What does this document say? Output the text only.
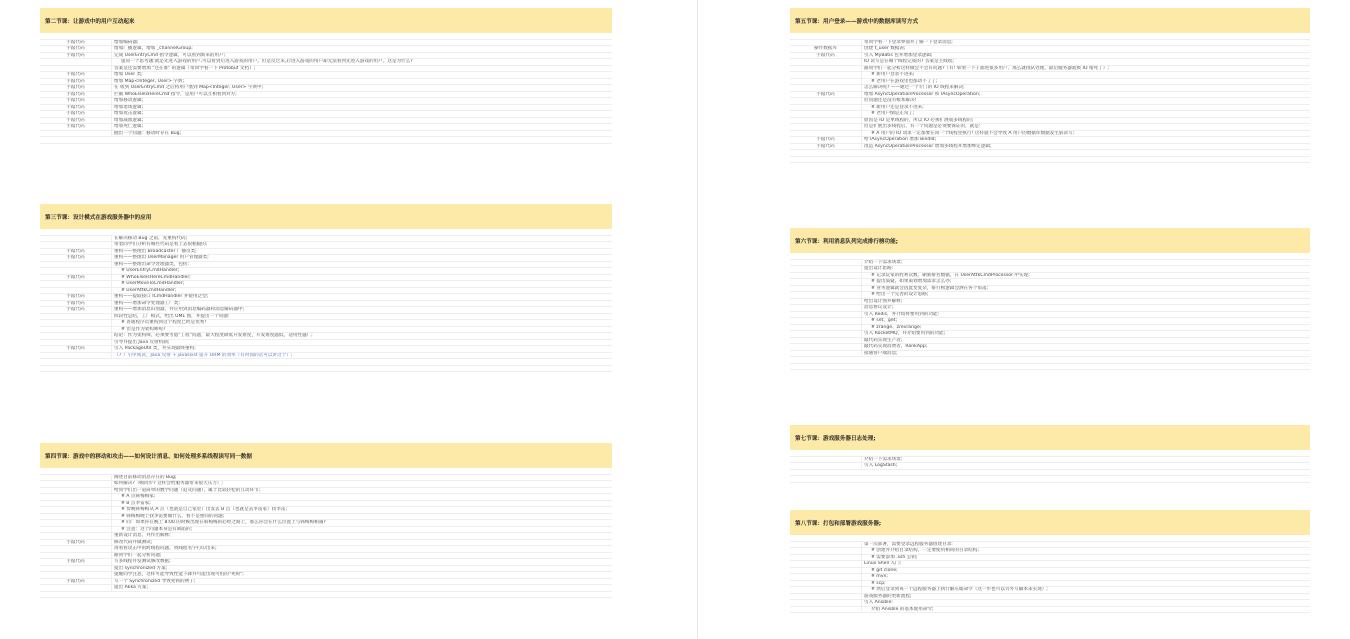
第二节课：让游戏中的用户互动起来
手敲代码	增加编码器;
手敲代码	增加广播逻辑，增加 _channelGroup;
手敲代码	完成 UserEntryCmd 指令逻辑，可以看到新来的用户;
提问一个思考题:就是先进入游戏的用户,可以看到后进入游戏的用户。但是反过来,后进入游戏的用户却无法看到先进入游戏的用户。这是为什么?
答案是还需要增加 "还在谁" 的逻辑（带同学看一下 Protobuf 文档）;
手敲代码	增加 User 类;
手敲代码	增加 Map<Integer, User> 字典;
手敲代码	在 收到 UserEntryCmd 之后将用户塞到 Map<Integer, User> 字典中;
手敲代码	拦截 WhoElselsHereCmd 指令，是用户可以互相看到对方;
手敲代码	增加移动逻辑;
手敲代码	增加退场逻辑;
手敲代码	增加攻击逻辑;
手敲代码	增加减血逻辑;
手敲代码	增加死亡逻辑;
抛出一个问题：移动时存在 Bug;
第三节课：设计模式在游戏服务器中的应用
在解决移动 Bug 之前，先重构代码;
带着同学们分析有哪些代码是看上去很粗糙的;
手敲代码	重构——整理出 Broadcaster 广播员类;
手敲代码	重构——整理出 UserManager 用户管理器类;
重构——整理出命令处理器类，包括:
# UserEntryCmdHandler;
手敲代码	# WhoElselsHereCmdHandler;
# UserMoveToCmdHandler;
# UserAttkCmdHandler;
手敲代码	重构——提取接口 ICmdHandler 并使用泛型;
手敲代码	重构——增加命令处理器工厂类;
手敲代码	重构——增加消息识别器，并应用到消息编码器和消息解码器中;
阶段性总结，工厂模式，给出 UML 图，并提出一个问题:
# 普通程序员重构到这个程度已经是优秀!
# 但是作为架构师呢?
结论：作为架构师，必须要考虑"工程"问题，最大程度降低开发难度，开发难度越低，适用性越广;
引导并提出 Java 反射机制;
手敲代码	引入 PackageUtil 类，并实现最终重构;
（7 ）引申阅读，Java 反射 + javassist 提升 ORM 的效率（有时间的话可以讲这个）;
第四节课：游戏中的移动和攻击——如何设计消息、如何处理多系线程读写同一数据
阐述目前移动消息存在的 Bug;
如何解决?（帧同步? 这样会给服务器带来很大压力）;
给同学们出一道简单的数学问题（追及问题），属于比较轻松的互动环节;
# A 点韩梅梅家;
# B 点李雷家;
# 傍晚韩梅梅从 A 点（也就是自己家里）出发去 B 点（也就是去李雷家）找李雷;
# 韩梅梅晚上找李雷要做什么，看不是重问的问题;
# 问：如果你在晚上 8:00 的时候出现在韩梅梅的必经之路上，那么你会在什么位置上与韩梅梅相遇?
# 注意：这个问题本身是有缺陷的;
重新设计消息，并作出解释;
手敲代码	修改代码并做测试;
再看看攻击中的跨线程问题，将线程名字打印出来;
跟同学们一起分析问题;
手敲代码	写多线程并发测试修改数据;
提出 synchronized 方案;
提醒同学注意，这样可能导致性能下降并可能出现可怕的"死锁";
手敲代码	写一个 Synchronized 导致死锁的例子;
提出 Akka 方案;
第五节课：用户登录——游戏中的数据库读写方式
带同学看一下登录界面并了解一下登录消息;
操作数据库	创建 t_user 数据表;
手敲代码	引入 MyBatis 包并增加登录逻辑;
IO 读写是在哪个线程完成的? 答案是主线程;
跟同学们一起分析这样做会不会有问题?（有! 如果一下子涌进很多用户，那么就排队处理，最后服务器就被 IO 堵死了）;
# 新用户登录不进来;
# 老用户在游戏里也都动不了了;
怎么解决呢? ——通过一个专门的 IO 线程来解决;
手敲代码	增加 AsyncOperationProcessor 和 IAsyncOperation;
但问题还是没有根本解决!
# 新用户还是登录不进来;
# 老用户倒是正常了;
原因是 IO 是单线程的，所以 IO 必须扩展成多线程的;
但是扩展出多线程后，有一个问题是必须要保证的，就是:
# A 用户的 IO 请求一定都要在同一个线程里执行! 这样就不会导致 A 用户的数据库数据发生脏读写;
手敲代码	给 IAsyncOperation 增加 BindId;
手敲代码	改造 AsyncOperationProcessor 增加多线程并增加绑定逻辑;
第六节课：利用消息队列完成排行榜功能;
介绍一下需求场景;
提出设计思路:
# 记录玩家的胜利次数，刷新排名数据，在 UserAttkCmdProcessor 中实现;
# 提出质疑，如果策划增加需求怎么办;
# 业务逻辑就会因此变复杂，排行榜逻辑会洒在各个角落;
# 给出一个完善的设计思路;
给出设计图并解释;
消息协议设计;
引入 Redis，并介绍将要用到的功能:
# set、get;
# zrange、zrevrange;
引入 RocketMQ，并介绍要用到的功能;
敲代码实现生产者;
敲代码实现消费者，RankApp;
接通客户端消息;
第七节课：游戏服务器日志处理;
介绍一下需求场景;
引入 LogStash;
第八节课：打包和部署游戏服务器;
第一次部署，需要登录远程服务器创建目录:
# 创建并介绍目录结构，一定要使用相同的目录结构;
# 需要添加 .ssh 公钥;
Linux Shell 入门:
# git clone;
# mvn;
# scp;
# 然后登录到每一个远程服务器上执行解压缩命令（这一步也可以另外写脚本来实现）;
游戏服务器的更新流程;
引入 Ansible:
介绍 Ansible 的基本使用命令;
